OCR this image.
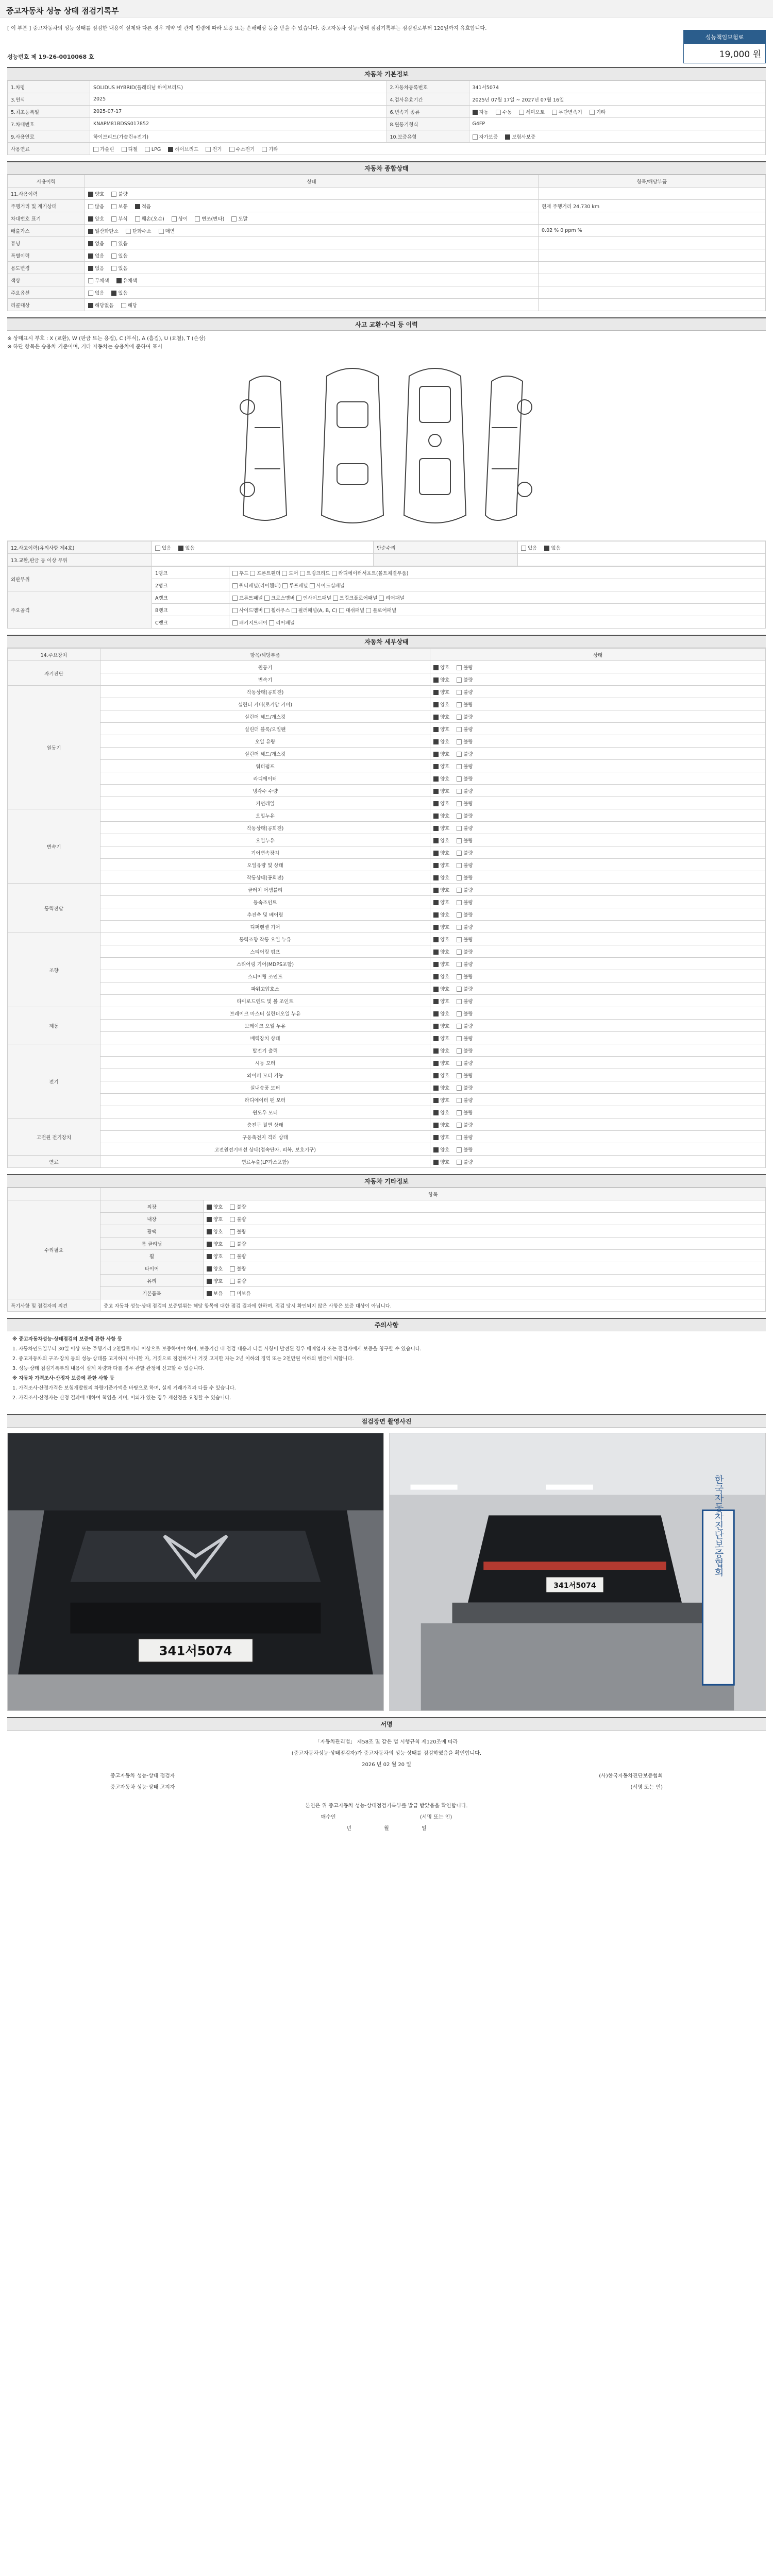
중고자동차 성능 상태 점검기록부
[ 이 부분 ] 중고자동차의 성능·상태를 점검한 내용이 실제와 다른 경우 계약 및 관계 법령에 따라 보증 또는 손해배상 등을 받을 수 있습니다. 중고자동차 성능·상태 점검기록부는 점검일로부터 120일까지 유효합니다.
성능책임보험료
19,000 원
성능번호 제 19-26-0010068 호
자동차 기본정보
1.차명	SOLIDUS HYBRID(플래티넘 하이브리드)	2.자동차등록번호	341서5074
3.연식	2025	4.검사유효기간	2025년 07월 17일 ~ 2027년 07월 16일
5.최초등록일	2025-07-17	6.변속기 종류	자동 수동 세미오토 무단변속기 기타
7.차대번호	KNAPM81BDSS017852	8.원동기형식	G4FP
9.사용연료	하이브리드(가솔린+전기)	10.보증유형	자가보증 보험사보증
사용연료	가솔린 디젤 LPG 하이브리드 전기 수소전기 기타		
자동차 종합상태
사용이력	상태	항목/해당부품
11.사용이력	양호 불량	
주행거리 및 계기상태	많음 보통 적음	현재 주행거리 24,730 km
차대번호 표기	양호 부식 훼손(오손) 상이 변조(변타) 도말	
배출가스	일산화탄소 탄화수소 매연	0.02 % 0 ppm %
튜닝	없음 있음	
특별이력	없음 있음	
용도변경	없음 있음	
색상	무채색 유채색	
주요옵션	없음 있음	
리콜대상	해당없음 해당	
사고 교환·수리 등 이력
※ 상태표시 부호 : X (교환), W (판금 또는 용접), C (부식), A (흠집), U (요철), T (손상)
※ 하단 항목은 승용차 기준이며, 기타 자동차는 승용차에 준하여 표시
12.사고이력(유의사항 제4호)	있음 없음	단순수리	있음 없음
13.교환,판금 등 이상 부위			
외판부위	1랭크	후드 프론트휀더 도어 트렁크리드 라디에이터서포트(볼트체결부품)
	2랭크	쿼터패널(리어휀더) 루프패널 사이드실패널
주요골격	A랭크	프론트패널 크로스멤버 인사이드패널 트렁크플로어패널 리어패널
	B랭크	사이드멤버 휠하우스 필러패널(A, B, C) 대쉬패널 플로어패널
	C랭크	패키지트레이 리어패널
자동차 세부상태
14.주요장치	항목/해당부품	상태
자기진단	원동기	양호 불량
	변속기	양호 불량
원동기	작동상태(공회전)	양호 불량
	실린더 커버(로커암 커버)	양호 불량
	실린더 헤드/개스킷	양호 불량
	실린더 블록/오일팬	양호 불량
	오일 유량	양호 불량
	실린더 헤드/개스킷	양호 불량
	워터펌프	양호 불량
	라디에이터	양호 불량
	냉각수 수량	양호 불량
	커먼레일	양호 불량
변속기	오일누유	양호 불량
	작동상태(공회전)	양호 불량
	오일누유	양호 불량
	기어변속장치	양호 불량
	오일유량 및 상태	양호 불량
	작동상태(공회전)	양호 불량
동력전달	클러치 어셈블리	양호 불량
	등속조인트	양호 불량
	추진축 및 베어링	양호 불량
	디퍼렌셜 기어	양호 불량
조향	동력조향 작동 오일 누유	양호 불량
	스티어링 펌프	양호 불량
	스티어링 기어(MDPS포함)	양호 불량
	스티어링 조인트	양호 불량
	파워고압호스	양호 불량
	타이로드엔드 및 볼 조인트	양호 불량
제동	브레이크 마스터 실린더오일 누유	양호 불량
	브레이크 오일 누유	양호 불량
	배력장치 상태	양호 불량
전기	발전기 출력	양호 불량
	시동 모터	양호 불량
	와이퍼 모터 기능	양호 불량
	실내송풍 모터	양호 불량
	라디에이터 팬 모터	양호 불량
	윈도우 모터	양호 불량
고전원 전기장치	충전구 절연 상태	양호 불량
	구동축전지 격리 상태	양호 불량
	고전원전기배선 상태(접속단자, 피복, 보호기구)	양호 불량
연료	연료누출(LP가스포함)	양호 불량
자동차 기타정보
	항목	
수리필요	외장	양호 불량
	내장	양호 불량
	광택	양호 불량
	룸 클리닝	양호 불량
	휠	양호 불량
	타이어	양호 불량
	유리	양호 불량
	기본품목	보유 미보유
특기사항 및 점검자의 의견	중고 자동차 성능·상태 점검의 보증범위는 해당 항목에 대한 점검 결과에 한하며, 점검 당시 확인되지 않은 사항은 보증 대상이 아닙니다.	
주의사항

※ 중고자동차성능·상태점검의 보증에 관한 사항 등

1. 자동차인도일부터 30일 이상 또는 주행거리 2천킬로미터 이상으로 보증하여야 하며, 보증기간 내 점검 내용과 다른 사항이 발견된 경우 매매업자 또는 점검자에게 보증을 청구할 수 있습니다.

2. 중고자동차의 구조·장치 등의 성능·상태를 고지하지 아니한 자, 거짓으로 점검하거나 거짓 고지한 자는 2년 이하의 징역 또는 2천만원 이하의 벌금에 처합니다.

3. 성능·상태 점검기록부의 내용이 실제 차량과 다를 경우 관할 관청에 신고할 수 있습니다.

※ 자동차 가격조사·산정자 보증에 관한 사항 등

1. 가격조사·산정가격은 보험개발원의 차량기준가액을 바탕으로 하며, 실제 거래가격과 다를 수 있습니다.

2. 가격조사·산정자는 산정 결과에 대하여 책임을 지며, 이의가 있는 경우 재산정을 요청할 수 있습니다.

점검장면 촬영사진
341서5074
341서5074
한국자동차진단보증협회
서명
「자동차관리법」 제58조 및 같은 법 시행규칙 제120조에 따라
(중고자동차성능·상태점검자)가 중고자동차의 성능·상태를 점검하였음을 확인합니다.
2026 년 02 월 20 일
중고자동차 성능·상태 점검자
중고자동차 성능·상태 고지자
(사)한국자동차진단보증협회
(서명 또는 인)
본인은 위 중고자동차 성능·상태점검기록부를 발급 받았음을 확인합니다.
매수인	(서명 또는 인)
년	월	일
